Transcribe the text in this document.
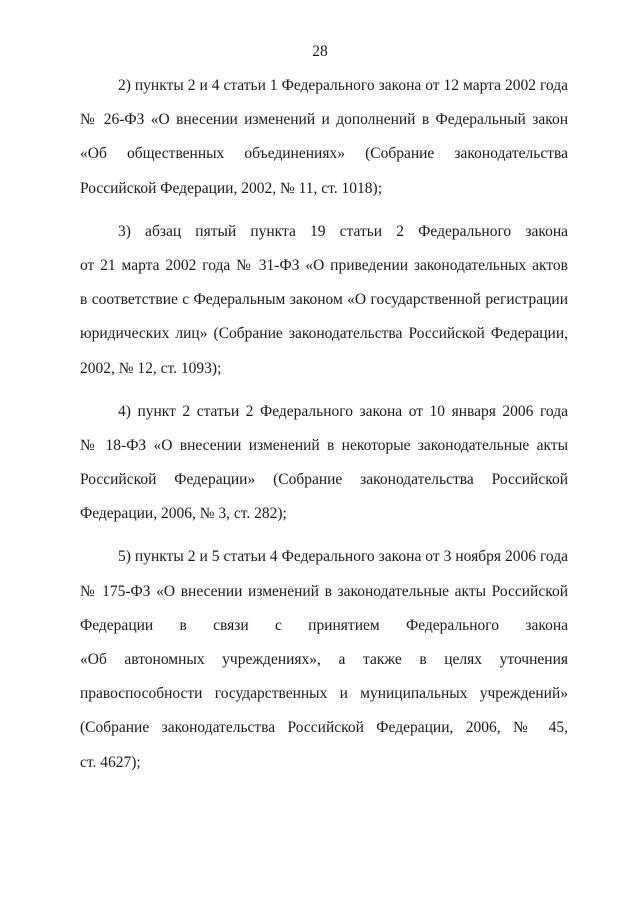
28

2) пункты 2 и 4 статьи 1 Федерального закона от 12 марта 2002 года
№ 26-ФЗ «О внесении изменений и дополнений в Федеральный закон
«Об общественных объединениях» (Собрание законодательства
Российской Федерации, 2002, № 11, ст. 1018);

3) абзац пятый пункта 19 статьи 2 Федерального закона
от 21 марта 2002 года № 31-ФЗ «О приведении законодательных актов
в соответствие с Федеральным законом «О государственной регистрации
юридических лиц» (Собрание законодательства Российской Федерации,
2002, № 12, ст. 1093);

4) пункт 2 статьи 2 Федерального закона от 10 января 2006 года
№ 18-ФЗ «О внесении изменений в некоторые законодательные акты
Российской Федерации» (Собрание законодательства Российской
Федерации, 2006, № 3, ст. 282);

5) пункты 2 и 5 статьи 4 Федерального закона от 3 ноября 2006 года
№ 175-ФЗ «О внесении изменений в законодательные акты Российской
Федерации в связи с принятием Федерального закона
«Об автономных учреждениях», а также в целях уточнения
правоспособности государственных и муниципальных учреждений»
(Собрание законодательства Российской Федерации, 2006, № 45,
ст. 4627);
